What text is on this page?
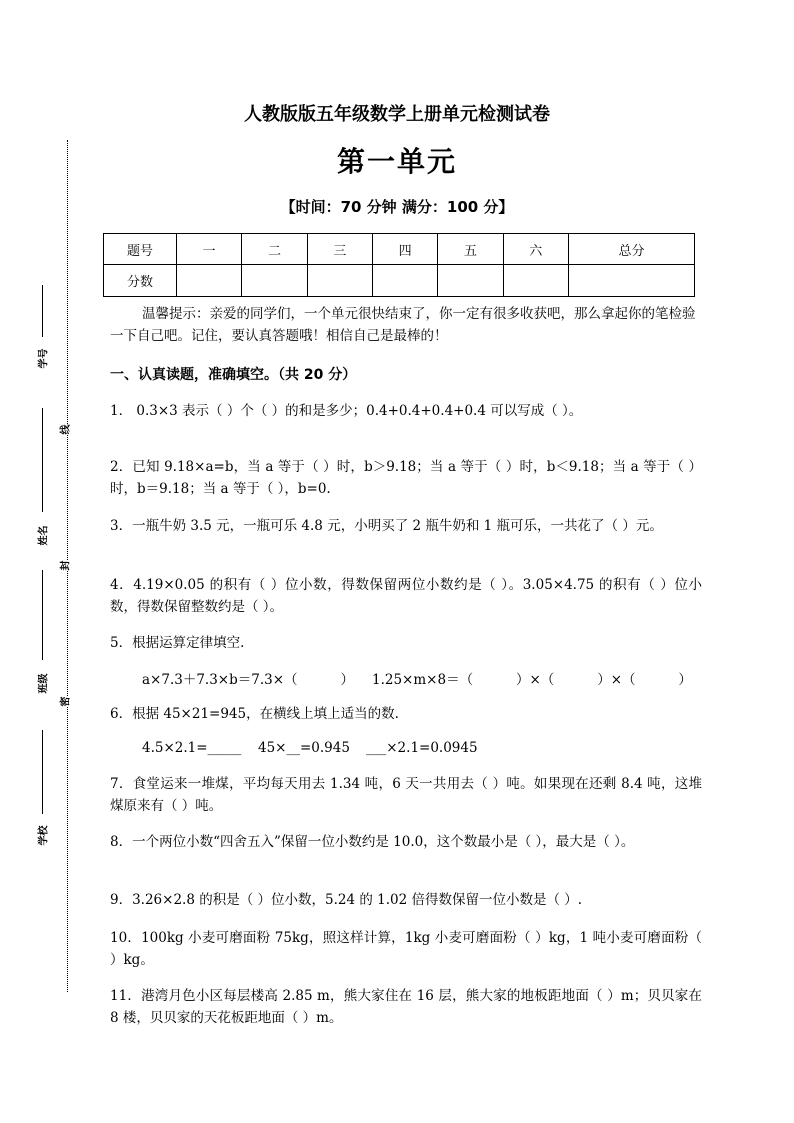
学号
姓名
班级
学校
线
封
密
人教版版五年级数学上册单元检测试卷
第一单元
【时间：70 分钟 满分：100 分】
题号	一	二	三	四	五	六	总分
分数							
温馨提示：亲爱的同学们，一个单元很快结束了，你一定有很多收获吧，那么拿起你的笔检验一下自己吧。记住，要认真答题哦！相信自己是最棒的！
一、认真读题，准确填空。（共 20 分）
1． 0.3×3 表示（ ）个（ ）的和是多少；0.4+0.4+0.4+0.4 可以写成（ ）。
2．已知 9.18×a=b，当 a 等于（ ）时，b＞9.18；当 a 等于（ ）时，b＜9.18；当 a 等于（ ）时，b＝9.18；当 a 等于（ ），b=0.
3．一瓶牛奶 3.5 元，一瓶可乐 4.8 元，小明买了 2 瓶牛奶和 1 瓶可乐，一共花了（ ）元。
4．4.19×0.05 的积有（ ）位小数，得数保留两位小数约是（ ）。3.05×4.75 的积有（ ）位小数，得数保留整数约是（ ）。
5．根据运算定律填空.
a×7.3＋7.3×b＝7.3×（          ） 1.25×m×8＝（          ）×（          ）×（          ）
6．根据 45×21=945，在横线上填上适当的数.
4.5×2.1=_____ 45×__=0.945 ___×2.1=0.0945
7．食堂运来一堆煤，平均每天用去 1.34 吨，6 天一共用去（ ）吨。如果现在还剩 8.4 吨，这堆煤原来有（ ）吨。
8．一个两位小数“四舍五入”保留一位小数约是 10.0，这个数最小是（ ），最大是（ ）。
9．3.26×2.8 的积是（ ）位小数，5.24 的 1.02 倍得数保留一位小数是（ ）.
10．100kg 小麦可磨面粉 75kg，照这样计算，1kg 小麦可磨面粉（ ）kg，1 吨小麦可磨面粉（ ）kg。
11．港湾月色小区每层楼高 2.85 m，熊大家住在 16 层，熊大家的地板距地面（ ）m；贝贝家在 8 楼，贝贝家的天花板距地面（ ）m。
